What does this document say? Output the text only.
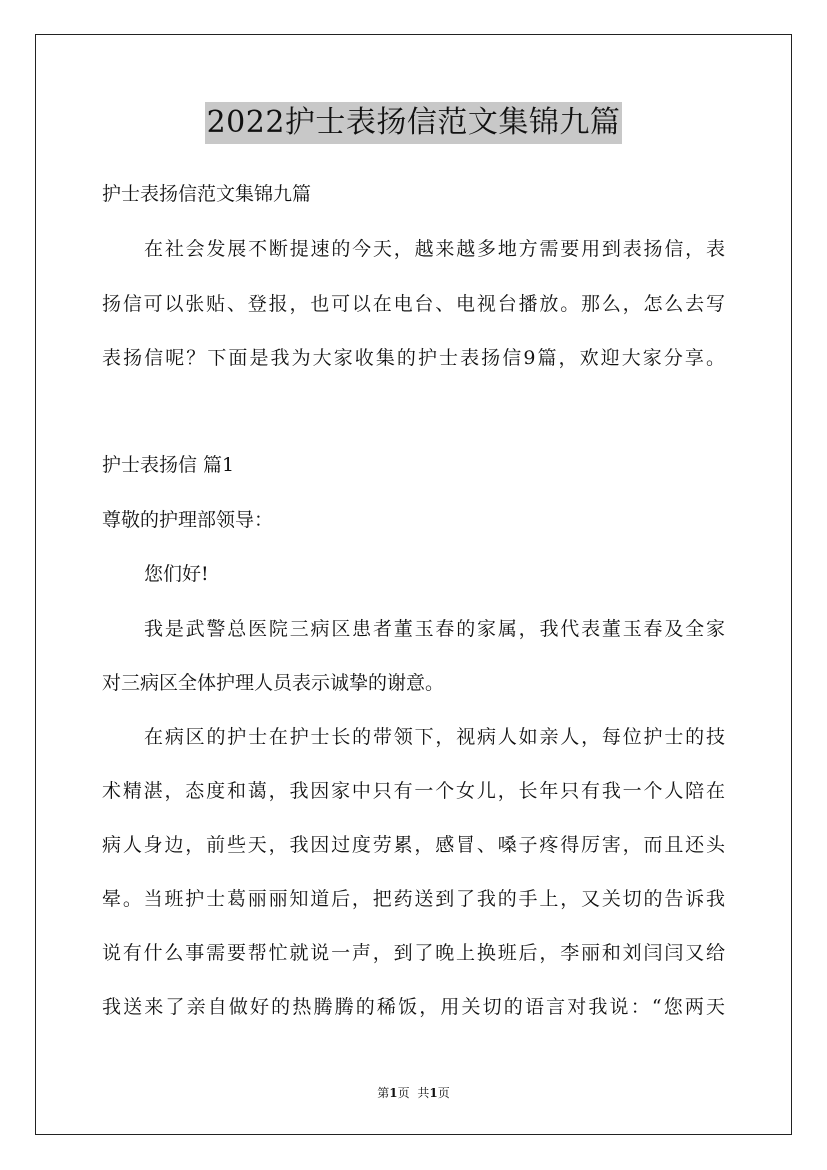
2022护士表扬信范文集锦九篇
护士表扬信范文集锦九篇
在社会发展不断提速的今天，越来越多地方需要用到表扬信，表
扬信可以张贴、登报，也可以在电台、电视台播放。那么，怎么去写
表扬信呢？下面是我为大家收集的护士表扬信9篇，欢迎大家分享。
护士表扬信 篇1
尊敬的护理部领导：
您们好!
我是武警总医院三病区患者董玉春的家属，我代表董玉春及全家
对三病区全体护理人员表示诚挚的谢意。
在病区的护士在护士长的带领下，视病人如亲人，每位护士的技
术精湛，态度和蔼，我因家中只有一个女儿，长年只有我一个人陪在
病人身边，前些天，我因过度劳累，感冒、嗓子疼得厉害，而且还头
晕。当班护士葛丽丽知道后，把药送到了我的手上，又关切的告诉我
说有什么事需要帮忙就说一声，到了晚上换班后，李丽和刘闫闫又给
我送来了亲自做好的热腾腾的稀饭，用关切的语言对我说：“您两天
第1页 共1页
